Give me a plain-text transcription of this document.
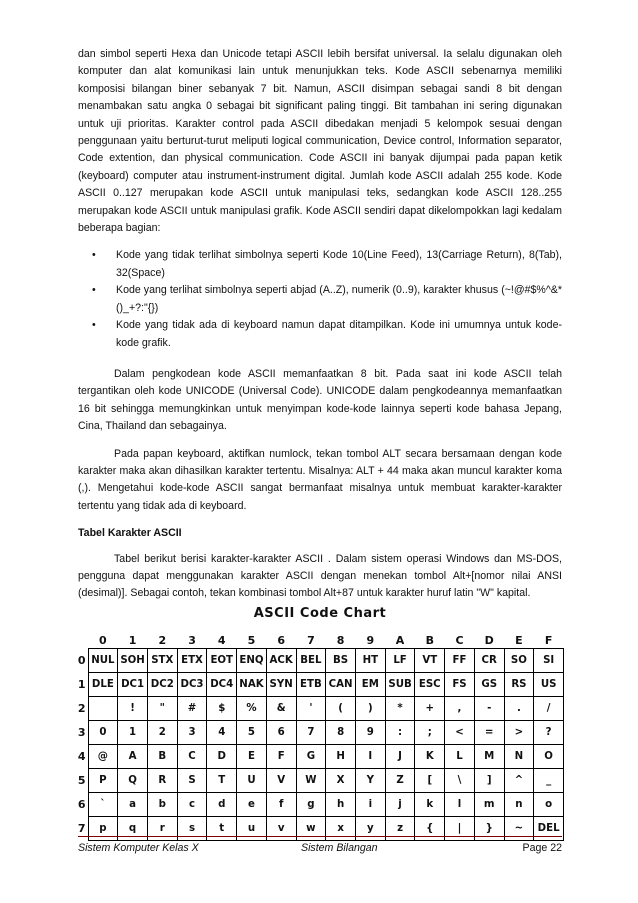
dan simbol seperti Hexa dan Unicode tetapi ASCII lebih bersifat universal. Ia selalu digunakan oleh komputer dan alat komunikasi lain untuk menunjukkan teks. Kode ASCII sebenarnya memiliki komposisi bilangan biner sebanyak 7 bit. Namun, ASCII disimpan sebagai sandi 8 bit dengan menambakan satu angka 0 sebagai bit significant paling tinggi. Bit tambahan ini sering digunakan untuk uji prioritas. Karakter control pada ASCII dibedakan menjadi 5 kelompok sesuai dengan penggunaan yaitu berturut-turut meliputi logical communication, Device control, Information separator, Code extention, dan physical communication. Code ASCII ini banyak dijumpai pada papan ketik (keyboard) computer atau instrument-instrument digital. Jumlah kode ASCII adalah 255 kode. Kode ASCII 0..127 merupakan kode ASCII untuk manipulasi teks, sedangkan kode ASCII 128..255 merupakan kode ASCII untuk manipulasi grafik. Kode ASCII sendiri dapat dikelompokkan lagi kedalam beberapa bagian:

• Kode yang tidak terlihat simbolnya seperti Kode 10(Line Feed), 13(Carriage Return), 8(Tab), 32(Space)
• Kode yang terlihat simbolnya seperti abjad (A..Z), numerik (0..9), karakter khusus (~!@#$%^&*()_+?:"{})
• Kode yang tidak ada di keyboard namun dapat ditampilkan. Kode ini umumnya untuk kode-kode grafik.

Dalam pengkodean kode ASCII memanfaatkan 8 bit. Pada saat ini kode ASCII telah tergantikan oleh kode UNICODE (Universal Code). UNICODE dalam pengkodeannya memanfaatkan 16 bit sehingga memungkinkan untuk menyimpan kode-kode lainnya seperti kode bahasa Jepang, Cina, Thailand dan sebagainya.

Pada papan keyboard, aktifkan numlock, tekan tombol ALT secara bersamaan dengan kode karakter maka akan dihasilkan karakter tertentu. Misalnya: ALT + 44 maka akan muncul karakter koma (,). Mengetahui kode-kode ASCII sangat bermanfaat misalnya untuk membuat karakter-karakter tertentu yang tidak ada di keyboard.

Tabel Karakter ASCII

Tabel berikut berisi karakter-karakter ASCII . Dalam sistem operasi Windows dan MS-DOS, pengguna dapat menggunakan karakter ASCII dengan menekan tombol Alt+[nomor nilai ANSI (desimal)]. Sebagai contoh, tekan kombinasi tombol Alt+87 untuk karakter huruf latin "W" kapital.

ASCII Code Chart
	0	1	2	3	4	5	6	7	8	9	A	B	C	D	E	F
0	NUL	SOH	STX	ETX	EOT	ENQ	ACK	BEL	BS	HT	LF	VT	FF	CR	SO	SI
1	DLE	DC1	DC2	DC3	DC4	NAK	SYN	ETB	CAN	EM	SUB	ESC	FS	GS	RS	US
2		!	"	#	$	%	&	'	(	)	*	+	,	-	.	/
3	0	1	2	3	4	5	6	7	8	9	:	;	<	=	>	?
4	@	A	B	C	D	E	F	G	H	I	J	K	L	M	N	O
5	P	Q	R	S	T	U	V	W	X	Y	Z	[	\	]	^	_
6	`	a	b	c	d	e	f	g	h	i	j	k	l	m	n	o
7	p	q	r	s	t	u	v	w	x	y	z	{	|	}	~	DEL
Sistem Komputer Kelas X	Sistem Bilangan	Page 22
